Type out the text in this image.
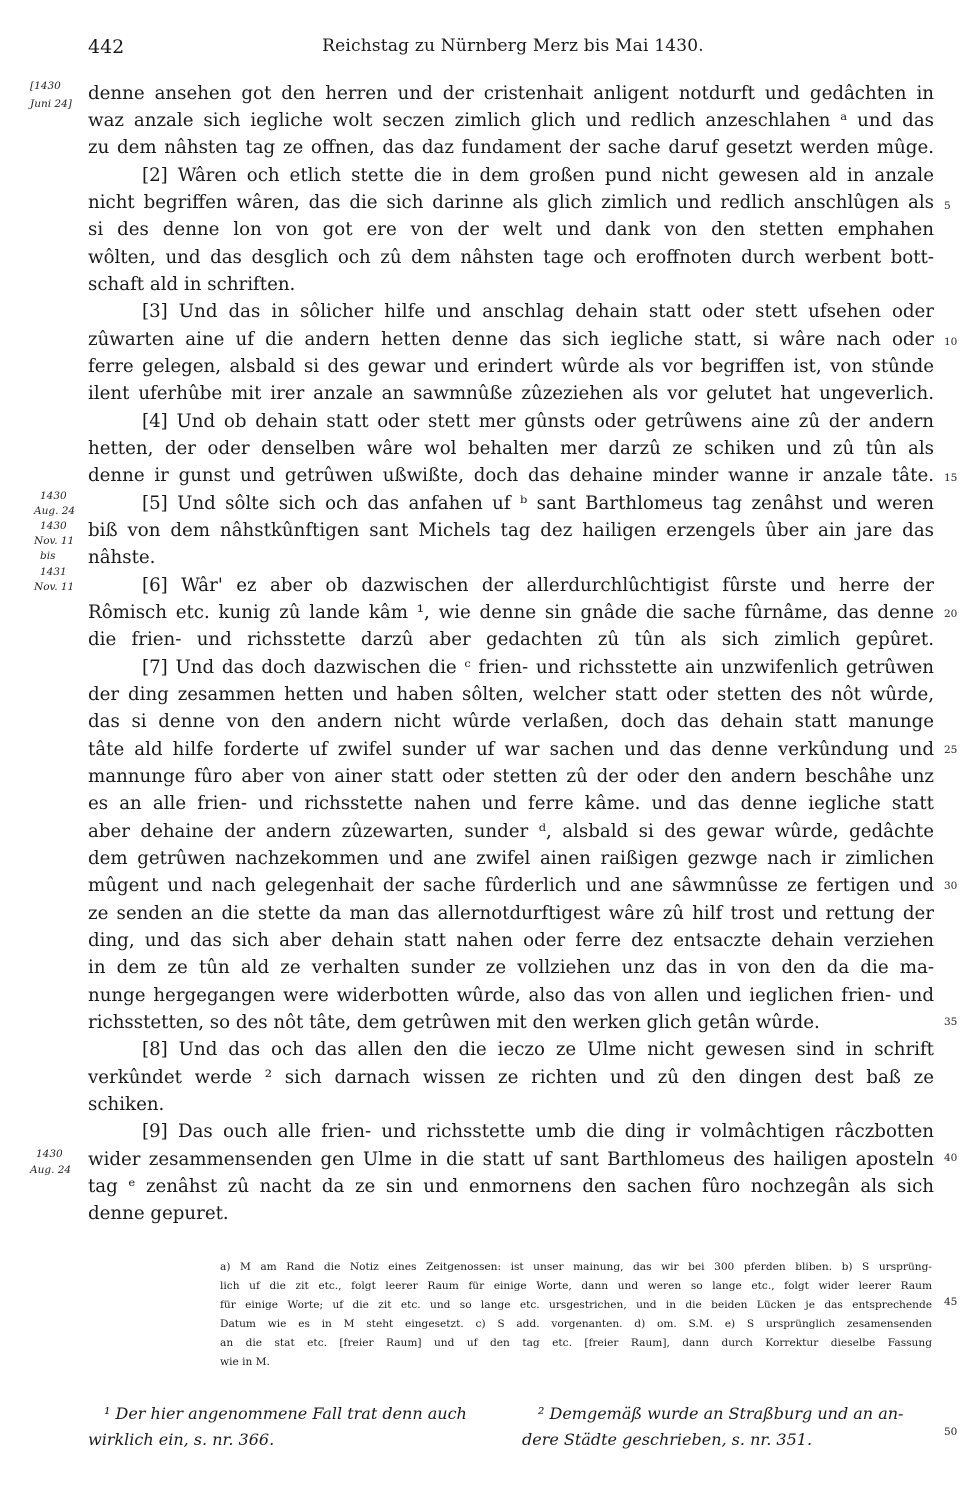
442	Reichstag zu Nürnberg Merz bis Mai 1430.
denne ansehen got den herren und der cristenhait anligent notdurft und gedâchten in
waz anzale sich iegliche wolt seczen zimlich glich und redlich anzeschlahen ᵃ und das
zu dem nâhsten tag ze offnen, das daz fundament der sache daruf gesetzt werden mûge.
[2] Wâren och etlich stette die in dem großen pund nicht gewesen ald in anzale
nicht begriffen wâren, das die sich darinne als glich zimlich und redlich anschlûgen als
si des denne lon von got ere von der welt und dank von den stetten emphahen
wôlten, und das desglich och zû dem nâhsten tage och eroffnoten durch werbent bott-
schaft ald in schriften.
[3] Und das in sôlicher hilfe und anschlag dehain statt oder stett ufsehen oder
zûwarten aine uf die andern hetten denne das sich iegliche statt, si wâre nach oder
ferre gelegen, alsbald si des gewar und erindert wûrde als vor begriffen ist, von stûnde
ilent uferhûbe mit irer anzale an sawmnûße zûzeziehen als vor gelutet hat ungeverlich.
[4] Und ob dehain statt oder stett mer gûnsts oder getrûwens aine zû der andern
hetten, der oder denselben wâre wol behalten mer darzû ze schiken und zû tûn als
denne ir gunst und getrûwen ußwißte, doch das dehaine minder wanne ir anzale tâte.
[5] Und sôlte sich och das anfahen uf ᵇ sant Barthlomeus tag zenâhst und weren
biß von dem nâhstkûnftigen sant Michels tag dez hailigen erzengels ûber ain jare das
nâhste.
[6] Wâr' ez aber ob dazwischen der allerdurchlûchtigist fûrste und herre der
Rômisch etc. kunig zû lande kâm ¹, wie denne sin gnâde die sache fûrnâme, das denne
die frien- und richsstette darzû aber gedachten zû tûn als sich zimlich gepûret.
[7] Und das doch dazwischen die ᶜ frien- und richsstette ain unzwifenlich getrûwen
der ding zesammen hetten und haben sôlten, welcher statt oder stetten des nôt wûrde,
das si denne von den andern nicht wûrde verlaßen, doch das dehain statt manunge
tâte ald hilfe forderte uf zwifel sunder uf war sachen und das denne verkûndung und
mannunge fûro aber von ainer statt oder stetten zû der oder den andern beschâhe unz
es an alle frien- und richsstette nahen und ferre kâme. und das denne iegliche statt
aber dehaine der andern zûzewarten, sunder ᵈ, alsbald si des gewar wûrde, gedâchte
dem getrûwen nachzekommen und ane zwifel ainen raißigen gezwge nach ir zimlichen
mûgent und nach gelegenhait der sache fûrderlich und ane sâwmnûsse ze fertigen und
ze senden an die stette da man das allernotdurftigest wâre zû hilf trost und rettung der
ding, und das sich aber dehain statt nahen oder ferre dez entsaczte dehain verziehen
in dem ze tûn ald ze verhalten sunder ze vollziehen unz das in von den da die ma-
nunge hergegangen were widerbotten wûrde, also das von allen und ieglichen frien- und
richsstetten, so des nôt tâte, dem getrûwen mit den werken glich getân wûrde.
[8] Und das och das allen den die ieczo ze Ulme nicht gewesen sind in schrift
verkûndet werde ² sich darnach wissen ze richten und zû den dingen dest baß ze
schiken.
[9] Das ouch alle frien- und richsstette umb die ding ir volmâchtigen râczbotten
wider zesammensenden gen Ulme in die statt uf sant Barthlomeus des hailigen aposteln
tag ᵉ zenâhst zû nacht da ze sin und enmornens den sachen fûro nochzegân als sich
denne gepuret.
[1430
Juni 24]
1430
Aug. 24
1430
Nov. 11
bis
1431
Nov. 11
1430
Aug. 24
5
10
15
20
25
30
35
40
45
50
a) M am Rand die Notiz eines Zeitgenossen: ist unser mainung, das wir bei 300 pferden bliben. b) S ursprüng-
lich uf die zit etc., folgt leerer Raum für einige Worte, dann und weren so lange etc., folgt wider leerer Raum
für einige Worte; uf die zit etc. und so lange etc. ursgestrichen, und in die beiden Lücken je das entsprechende
Datum wie es in M steht eingesetzt. c) S add. vorgenanten. d) om. S.M. e) S ursprünglich zesamensenden
an die stat etc. [freier Raum] und uf den tag etc. [freier Raum], dann durch Korrektur dieselbe Fassung
wie in M.
¹ Der hier angenommene Fall trat denn auch
wirklich ein, s. nr. 366.
² Demgemäß wurde an Straßburg und an an-
dere Städte geschrieben, s. nr. 351.
